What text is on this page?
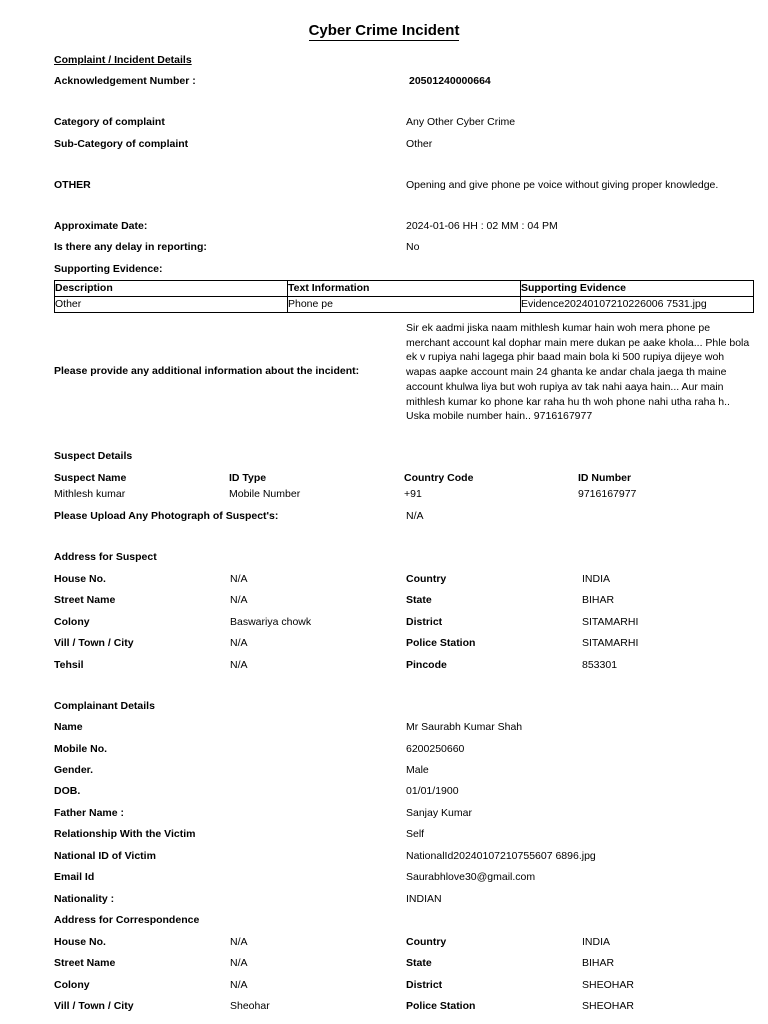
Cyber Crime Incident
Complaint / Incident Details
Acknowledgement Number :	20501240000664
Category of complaint	Any Other Cyber Crime
Sub-Category of complaint	Other
OTHER	Opening and give phone pe voice without giving proper knowledge.
Approximate Date:	2024-01-06 HH : 02 MM : 04 PM
Is there any delay in reporting:	No
Supporting Evidence:
Description	Text Information	Supporting Evidence
Other	Phone pe	Evidence20240107210226006 7531.jpg
Please provide any additional information about the incident:
Sir ek aadmi jiska naam mithlesh kumar hain woh mera phone pe merchant account kal dophar main mere dukan pe aake khola... Phle bola ek v rupiya nahi lagega phir baad main bola ki 500 rupiya dijeye woh wapas aapke account main 24 ghanta ke andar chala jaega th maine account khulwa liya but woh rupiya av tak nahi aaya hain... Aur main mithlesh kumar ko phone kar raha hu th woh phone nahi utha raha h.. Uska mobile number hain.. 9716167977
Suspect Details
Suspect Name	ID Type	Country Code	ID Number
Mithlesh kumar	Mobile Number	+91	9716167977
Please Upload Any Photograph of Suspect's:	N/A
Address for Suspect
House No.	N/A	Country	INDIA
Street Name	N/A	State	BIHAR
Colony	Baswariya chowk	District	SITAMARHI
Vill / Town / City	N/A	Police Station	SITAMARHI
Tehsil	N/A	Pincode	853301
Complainant Details
Name	Mr Saurabh Kumar Shah
Mobile No.	6200250660
Gender.	Male
DOB.	01/01/1900
Father Name :	Sanjay Kumar
Relationship With the Victim	Self
National ID of Victim	NationalId20240107210755607 6896.jpg
Email Id	Saurabhlove30@gmail.com
Nationality :	INDIAN
Address for Correspondence
House No.	N/A	Country	INDIA
Street Name	N/A	State	BIHAR
Colony	N/A	District	SHEOHAR
Vill / Town / City	Sheohar	Police Station	SHEOHAR
